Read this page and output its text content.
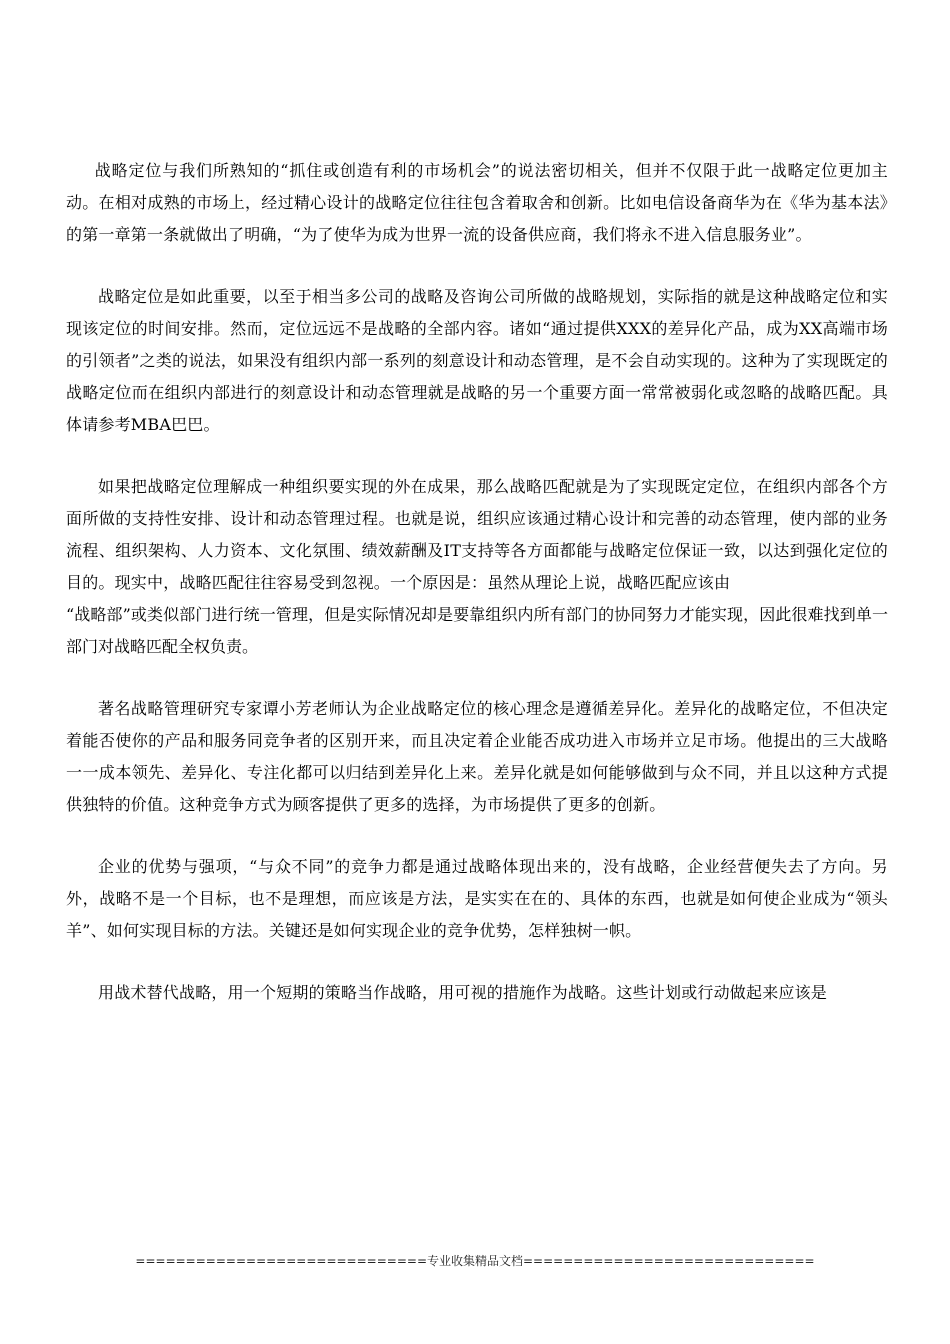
战略定位与我们所熟知的“抓住或创造有利的市场机会”的说法密切相关，但并不仅限于此一战略定位更加主动。在相对成熟的市场上，经过精心设计的战略定位往往包含着取舍和创新。比如电信设备商华为在《华为基本法》的第一章第一条就做出了明确，“为了使华为成为世界一流的设备供应商，我们将永不进入信息服务业”。

战略定位是如此重要，以至于相当多公司的战略及咨询公司所做的战略规划，实际指的就是这种战略定位和实现该定位的时间安排。然而，定位远远不是战略的全部内容。诸如“通过提供XXX的差异化产品，成为XX高端市场的引领者”之类的说法，如果没有组织内部一系列的刻意设计和动态管理，是不会自动实现的。这种为了实现既定的战略定位而在组织内部进行的刻意设计和动态管理就是战略的另一个重要方面一常常被弱化或忽略的战略匹配。具体请参考MBA巴巴。

如果把战略定位理解成一种组织要实现的外在成果，那么战略匹配就是为了实现既定定位，在组织内部各个方面所做的支持性安排、设计和动态管理过程。也就是说，组织应该通过精心设计和完善的动态管理，使内部的业务流程、组织架构、人力资本、文化氛围、绩效薪酬及IT支持等各方面都能与战略定位保证一致，以达到强化定位的目的。现实中，战略匹配往往容易受到忽视。一个原因是：虽然从理论上说，战略匹配应该由

“战略部”或类似部门进行统一管理，但是实际情况却是要靠组织内所有部门的协同努力才能实现，因此很难找到单一部门对战略匹配全权负责。

著名战略管理研究专家谭小芳老师认为企业战略定位的核心理念是遵循差异化。差异化的战略定位，不但决定着能否使你的产品和服务同竞争者的区别开来，而且决定着企业能否成功进入市场并立足市场。他提出的三大战略一一成本领先、差异化、专注化都可以归结到差异化上来。差异化就是如何能够做到与众不同，并且以这种方式提供独特的价值。这种竞争方式为顾客提供了更多的选择，为市场提供了更多的创新。

企业的优势与强项，“与众不同”的竞争力都是通过战略体现出来的，没有战略，企业经营便失去了方向。另外，战略不是一个目标，也不是理想，而应该是方法，是实实在在的、具体的东西，也就是如何使企业成为“领头羊”、如何实现目标的方法。关键还是如何实现企业的竞争优势，怎样独树一帜。

用战术替代战略，用一个短期的策略当作战略，用可视的措施作为战略。这些计划或行动做起来应该是

=============================专业收集精品文档=============================
